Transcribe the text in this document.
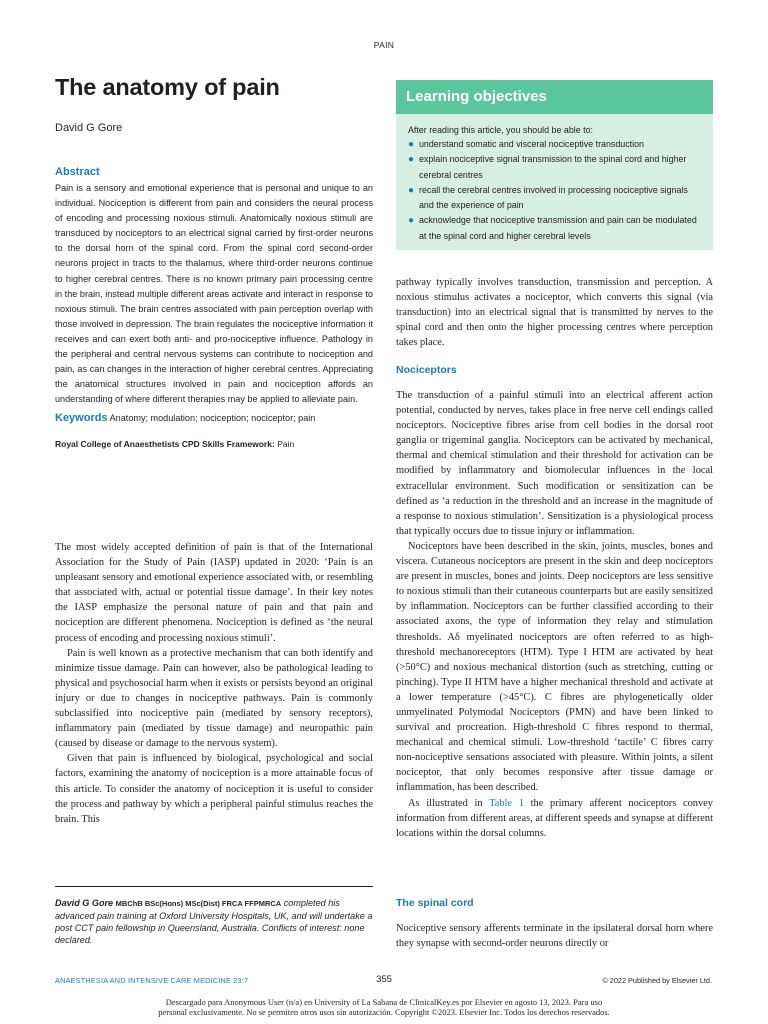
PAIN
The anatomy of pain
David G Gore
Abstract

Pain is a sensory and emotional experience that is personal and unique to an individual. Nociception is different from pain and considers the neural process of encoding and processing noxious stimuli. Anatomically noxious stimuli are transduced by nociceptors to an electrical signal carried by first-order neurons to the dorsal horn of the spinal cord. From the spinal cord second-order neurons project in tracts to the thalamus, where third-order neurons continue to higher cerebral centres. There is no known primary pain processing centre in the brain, instead multiple different areas activate and interact in response to noxious stimuli. The brain centres associated with pain perception overlap with those involved in depression. The brain regulates the nociceptive information it receives and can exert both anti- and pro-nociceptive influence. Pathology in the peripheral and central nervous systems can contribute to nociception and pain, as can changes in the interaction of higher cerebral centres. Appreciating the anatomical structures involved in pain and nociception affords an understanding of where different therapies may be applied to alleviate pain.

Keywords Anatomy; modulation; nociception; nociceptor; pain
Royal College of Anaesthetists CPD Skills Framework: Pain
Learning objectives
After reading this article, you should be able to:
● understand somatic and visceral nociceptive transduction
● explain nociceptive signal transmission to the spinal cord and higher cerebral centres
● recall the cerebral centres involved in processing nociceptive signals and the experience of pain
● acknowledge that nociceptive transmission and pain can be modulated at the spinal cord and higher cerebral levels

The most widely accepted definition of pain is that of the International Association for the Study of Pain (IASP) updated in 2020: ‘Pain is an unpleasant sensory and emotional experience associated with, or resembling that associated with, actual or potential tissue damage’. In their key notes the IASP emphasize the personal nature of pain and that pain and nociception are different phenomena. Nociception is defined as ‘the neural process of encoding and processing noxious stimuli’.

Pain is well known as a protective mechanism that can both identify and minimize tissue damage. Pain can however, also be pathological leading to physical and psychosocial harm when it exists or persists beyond an original injury or due to changes in nociceptive pathways. Pain is commonly subclassified into nociceptive pain (mediated by sensory receptors), inflammatory pain (mediated by tissue damage) and neuropathic pain (caused by disease or damage to the nervous system).

Given that pain is influenced by biological, psychological and social factors, examining the anatomy of nociception is a more attainable focus of this article. To consider the anatomy of nociception it is useful to consider the process and pathway by which a peripheral painful stimulus reaches the brain. This

pathway typically involves transduction, transmission and perception. A noxious stimulus activates a nociceptor, which converts this signal (via transduction) into an electrical signal that is transmitted by nerves to the spinal cord and then onto the higher processing centres where perception takes place.

Nociceptors

The transduction of a painful stimuli into an electrical afferent action potential, conducted by nerves, takes place in free nerve cell endings called nociceptors. Nociceptive fibres arise from cell bodies in the dorsal root ganglia or trigeminal ganglia. Nociceptors can be activated by mechanical, thermal and chemical stimulation and their threshold for activation can be modified by inflammatory and biomolecular influences in the local extracellular environment. Such modification or sensitization can be defined as ‘a reduction in the threshold and an increase in the magnitude of a response to noxious stimulation’. Sensitization is a physiological process that typically occurs due to tissue injury or inflammation.

Nociceptors have been described in the skin, joints, muscles, bones and viscera. Cutaneous nociceptors are present in the skin and deep nociceptors are present in muscles, bones and joints. Deep nociceptors are less sensitive to noxious stimuli than their cutaneous counterparts but are easily sensitized by inflammation. Nociceptors can be further classified according to their associated axons, the type of information they relay and stimulation thresholds. Aδ myelinated nociceptors are often referred to as high-threshold mechanoreceptors (HTM). Type I HTM are activated by heat (>50°C) and noxious mechanical distortion (such as stretching, cutting or pinching). Type II HTM have a higher mechanical threshold and activate at a lower temperature (>45°C). C fibres are phylogenetically older unmyelinated Polymodal Nociceptors (PMN) and have been linked to survival and procreation. High-threshold C fibres respond to thermal, mechanical and chemical stimuli. Low-threshold ‘tactile’ C fibres carry non-nociceptive sensations associated with pleasure. Within joints, a silent nociceptor, that only becomes responsive after tissue damage or inflammation, has been described.

As illustrated in Table 1 the primary afferent nociceptors convey information from different areas, at different speeds and synapse at different locations within the dorsal columns.

The spinal cord

Nociceptive sensory afferents terminate in the ipsilateral dorsal horn where they synapse with second-order neurons directly or

David G Gore MBChB BSc(Hons) MSc(Dist) FRCA FFPMRCA completed his advanced pain training at Oxford University Hospitals, UK, and will undertake a post CCT pain fellowship in Queensland, Australia. Conflicts of interest: none declared.
ANAESTHESIA AND INTENSIVE CARE MEDICINE 23:7	355	© 2022 Published by Elsevier Ltd.
Descargado para Anonymous User (n/a) en University of La Sabana de ClinicalKey.es por Elsevier en agosto 13, 2023. Para uso
personal exclusivamente. No se permiten otros usos sin autorización. Copyright ©2023. Elsevier Inc. Todos los derechos reservados.
